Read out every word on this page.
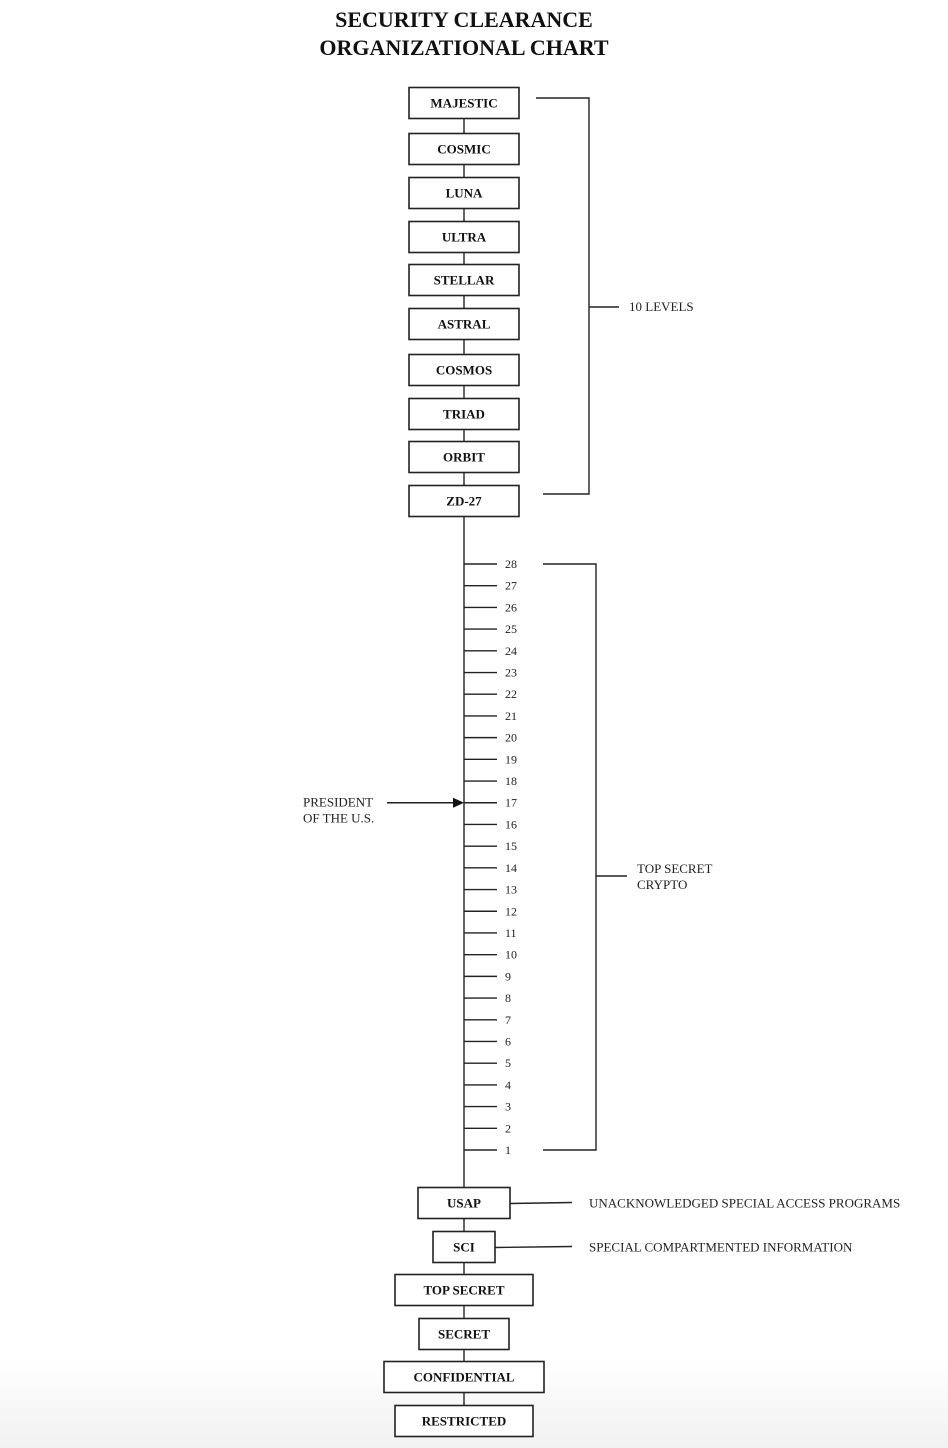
SECURITY CLEARANCE
ORGANIZATIONAL CHART
MAJESTIC
COSMIC
LUNA
ULTRA
STELLAR
ASTRAL
COSMOS
TRIAD
ORBIT
ZD-27
10 LEVELS
28
27
26
25
24
23
22
21
20
19
18
17
16
15
14
13
12
11
10
9
8
7
6
5
4
3
2
1
TOP SECRET
CRYPTO
PRESIDENT
OF THE U.S.
USAP	UNACKNOWLEDGED SPECIAL ACCESS PROGRAMS
SCI	SPECIAL COMPARTMENTED INFORMATION
TOP SECRET
SECRET
CONFIDENTIAL
RESTRICTED
